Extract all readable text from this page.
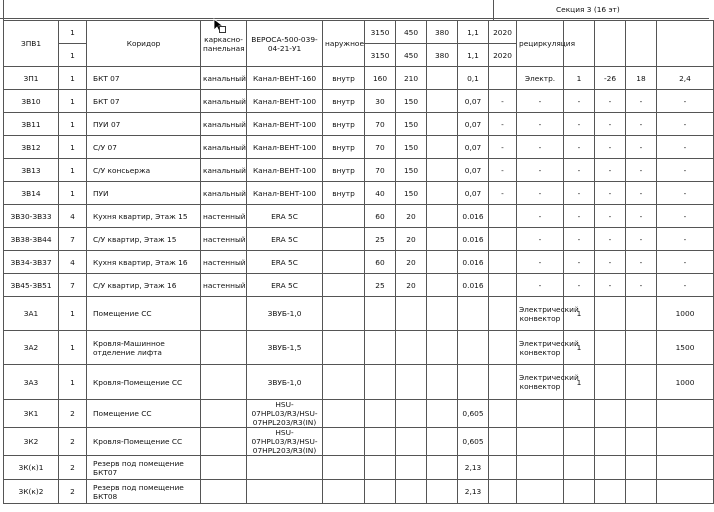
Секция 3 (16 эт)
ЗПВ1	1	Коридор	каркасно-панельная	ВЕРОСА-500-039-04-21-У1	наружное	3150	450	380	1,1	2020	рециркуляция				
	1					3150	450	380	1,1	2020					
ЗП1	1	БКТ 07	канальный	Канал-ВЕНТ-160	внутр	160	210		0,1		Электр.	1	-26	18	2,4
ЗВ10	1	БКТ 07	канальный	Канал-ВЕНТ-100	внутр	30	150		0,07	-	-	-	-	-	-
ЗВ11	1	ПУИ 07	канальный	Канал-ВЕНТ-100	внутр	70	150		0,07	-	-	-	-	-	-
ЗВ12	1	С/У 07	канальный	Канал-ВЕНТ-100	внутр	70	150		0,07	-	-	-	-	-	-
ЗВ13	1	С/У консьержа	канальный	Канал-ВЕНТ-100	внутр	70	150		0,07	-	-	-	-	-	-
ЗВ14	1	ПУИ	канальный	Канал-ВЕНТ-100	внутр	40	150		0,07	-	-	-	-	-	-
ЗВ30-ЗВ33	4	Кухня квартир, Этаж 15	настенный	ERA 5C		60	20		0.016		-	-	-	-	-
ЗВ38-ЗВ44	7	С/У квартир, Этаж 15	настенный	ERA 5C		25	20		0.016		-	-	-	-	-
ЗВ34-ЗВ37	4	Кухня квартир, Этаж 16	настенный	ERA 5C		60	20		0.016		-	-	-	-	-
ЗВ45-ЗВ51	7	С/У квартир, Этаж 16	настенный	ERA 5C		25	20		0.016		-	-	-	-	-
ЗА1	1	Помещение СС		ЗВУБ-1,0							Электрический конвектор	1			1000
ЗА2	1	Кровля-Машинное отделение лифта		ЗВУБ-1,5							Электрический конвектор	1			1500
ЗА3	1	Кровля-Помещение СС		ЗВУБ-1,0							Электрический конвектор	1			1000
ЗК1	2	Помещение СС		HSU-07HPL03/R3/HSU-07HPL203/R3(IN)					0,605						
ЗК2	2	Кровля-Помещение СС		HSU-07HPL03/R3/HSU-07HPL203/R3(IN)					0,605						
ЗК(к)1	2	Резерв под помещение БКТ07							2,13						
ЗК(к)2	2	Резерв под помещение БКТ08							2,13						
